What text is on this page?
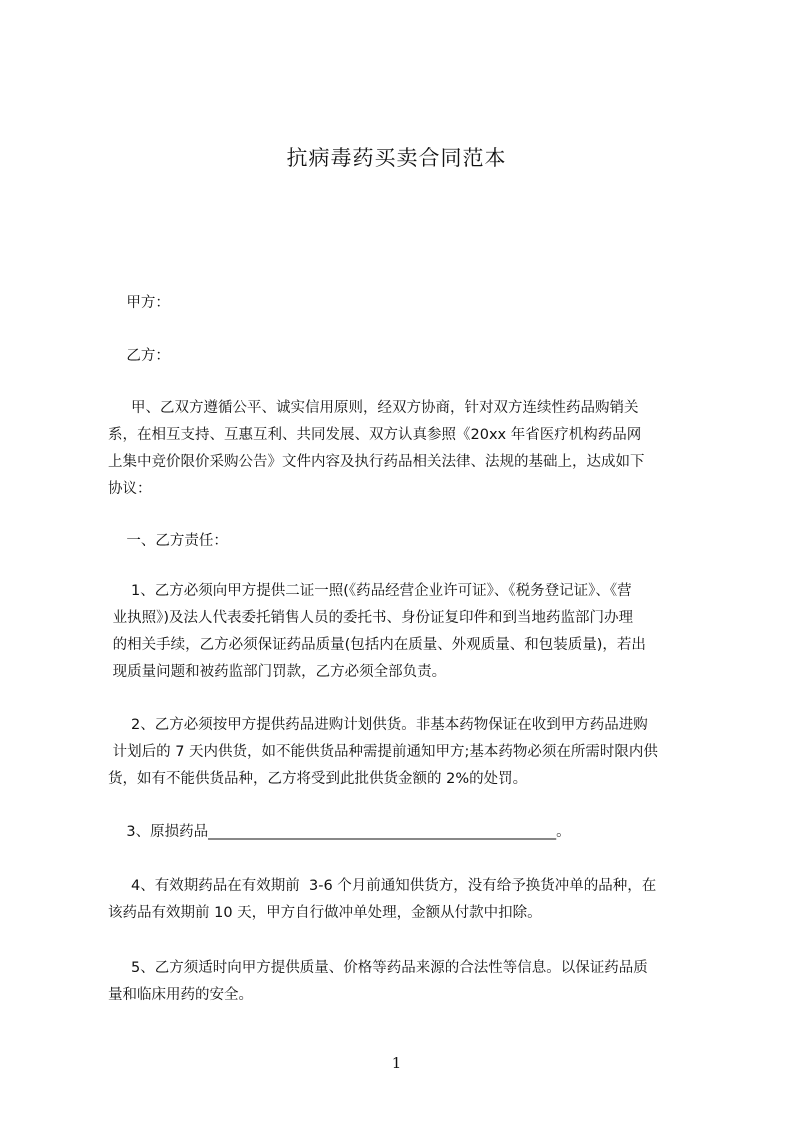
抗病毒药买卖合同范本
甲方：
乙方：
甲、乙双方遵循公平、诚实信用原则，经双方协商，针对双方连续性药品购销关
系，在相互支持、互惠互利、共同发展、双方认真参照《20xx 年省医疗机构药品网
上集中竞价限价采购公告》文件内容及执行药品相关法律、法规的基础上，达成如下
协议：
一、乙方责任：
1、乙方必须向甲方提供二证一照(《药品经营企业许可证》、《税务登记证》、《营
业执照》)及法人代表委托销售人员的委托书、身份证复印件和到当地药监部门办理
的相关手续，乙方必须保证药品质量(包括内在质量、外观质量、和包装质量)，若出
现质量问题和被药监部门罚款，乙方必须全部负责。
2、乙方必须按甲方提供药品进购计划供货。非基本药物保证在收到甲方药品进购
计划后的 7 天内供货，如不能供货品种需提前通知甲方;基本药物必须在所需时限内供
货，如有不能供货品种，乙方将受到此批供货金额的 2%的处罚。
3、原损药品________________________________________________。
4、有效期药品在有效期前  3-6 个月前通知供货方，没有给予换货冲单的品种，在
该药品有效期前 10 天，甲方自行做冲单处理，金额从付款中扣除。
5、乙方须适时向甲方提供质量、价格等药品来源的合法性等信息。以保证药品质
量和临床用药的安全。
1
